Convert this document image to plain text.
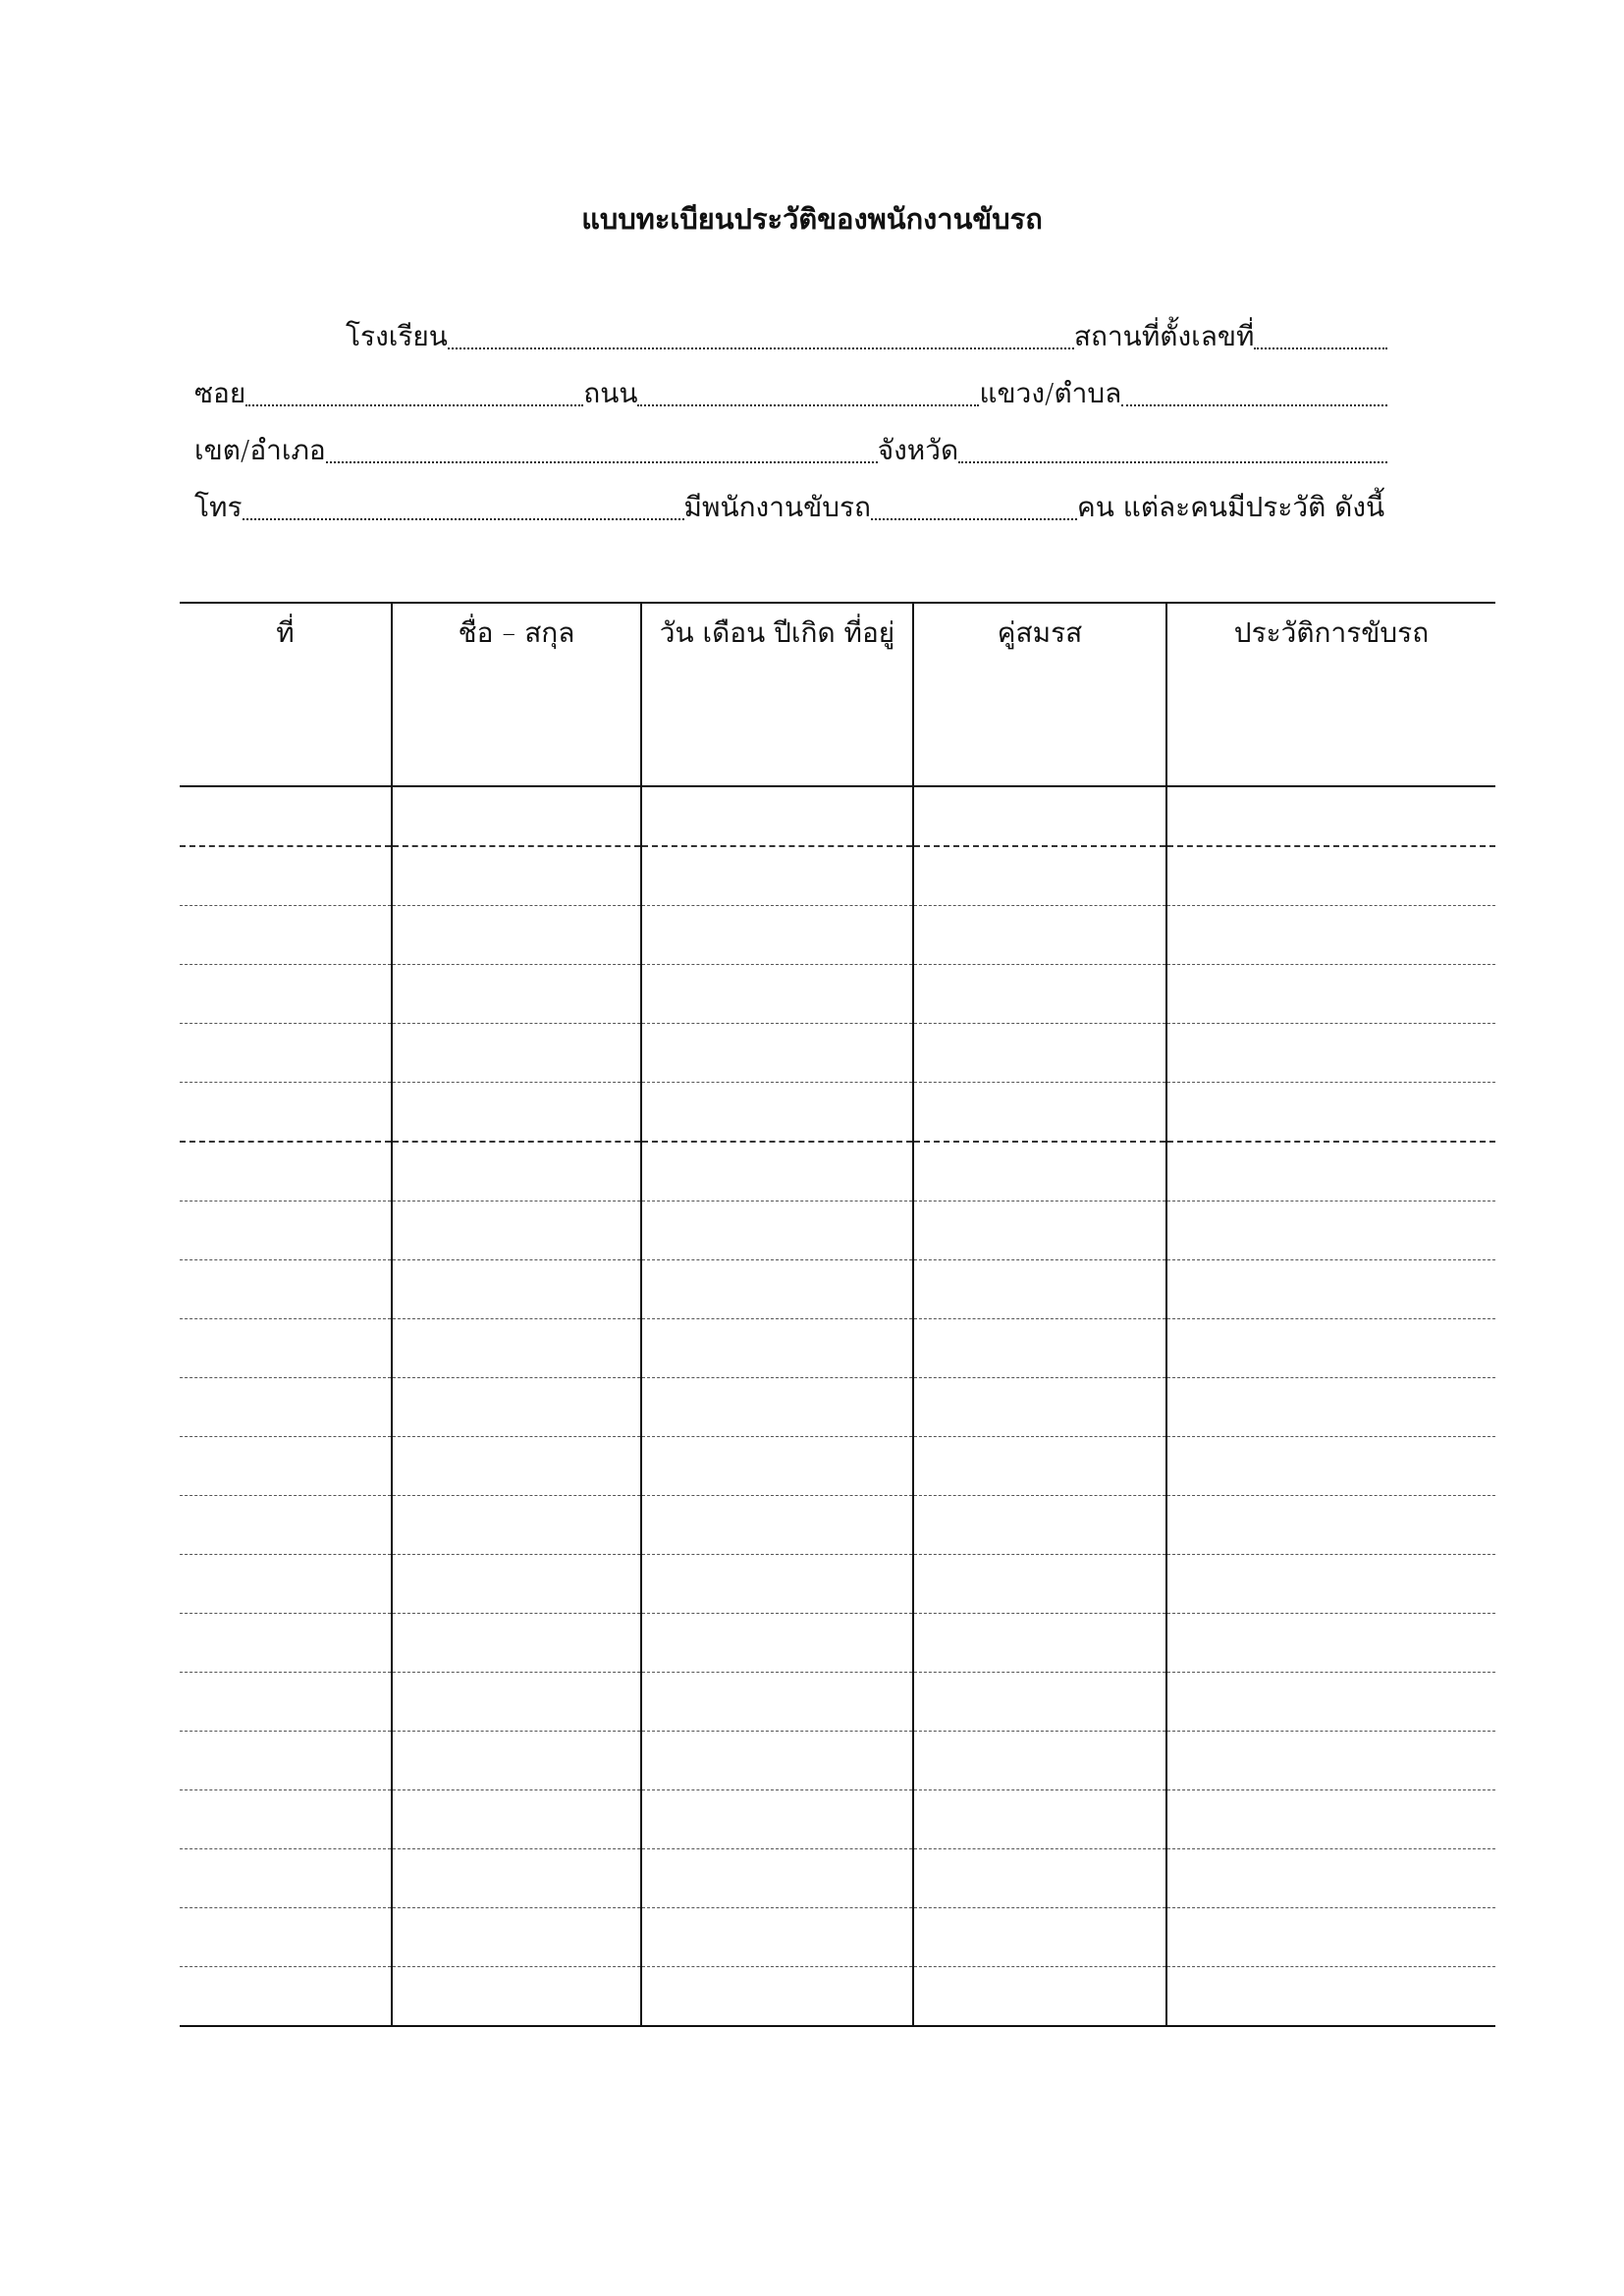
แบบทะเบียนประวัติของพนักงานขับรถ
โรงเรียน	สถานที่ตั้งเลขที่
ซอย	ถนน	แขวง/ตำบล
เขต/อำเภอ	จังหวัด
โทร	มีพนักงานขับรถ	คน แต่ละคนมีประวัติ ดังนี้
ที่	ชื่อ – สกุล	วัน เดือน ปีเกิด ที่อยู่	คู่สมรส	ประวัติการขับรถ
